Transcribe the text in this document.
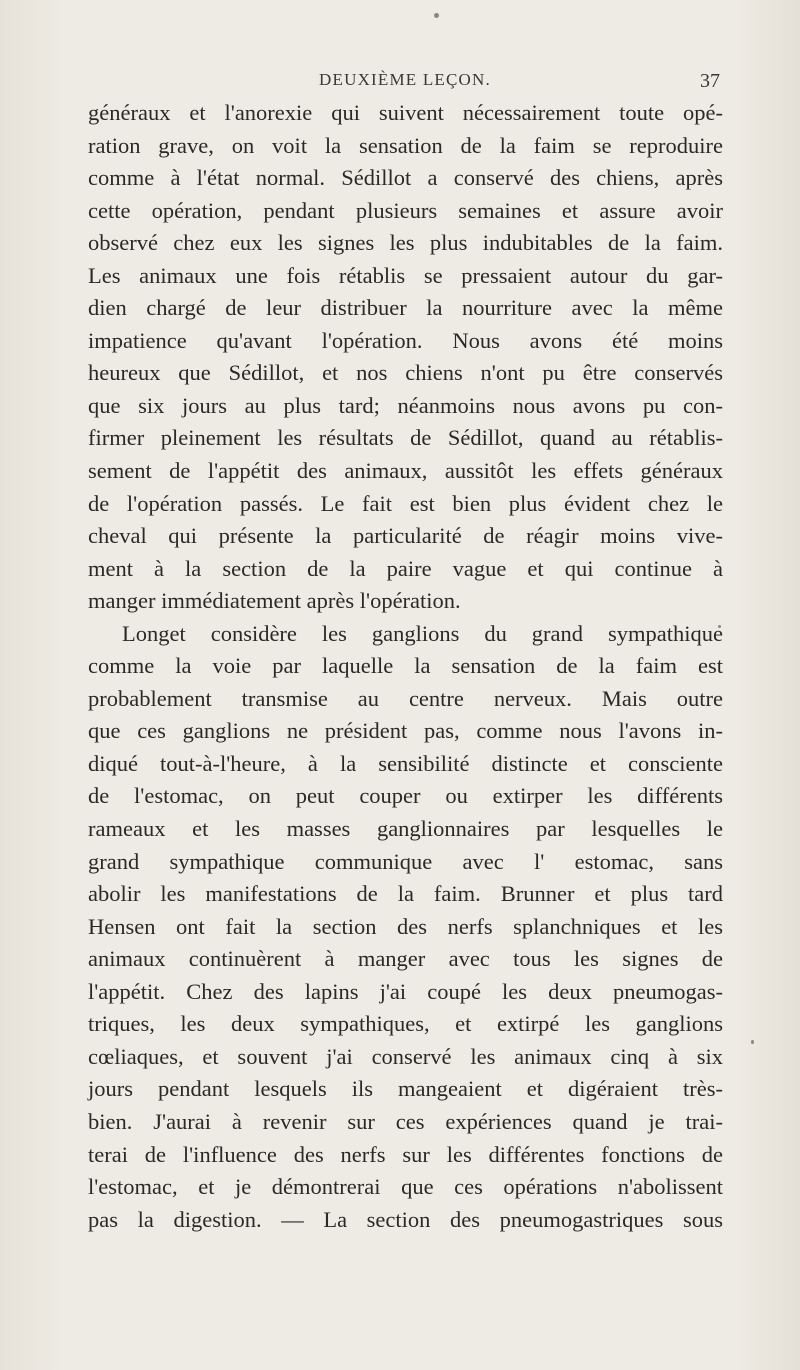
DEUXIÈME LEÇON.	37
généraux et l'anorexie qui suivent nécessairement toute opé-
ration grave, on voit la sensation de la faim se reproduire
comme à l'état normal. Sédillot a conservé des chiens, après
cette opération, pendant plusieurs semaines et assure avoir
observé chez eux les signes les plus indubitables de la faim.
Les animaux une fois rétablis se pressaient autour du gar-
dien chargé de leur distribuer la nourriture avec la même
impatience qu'avant l'opération. Nous avons été moins
heureux que Sédillot, et nos chiens n'ont pu être conservés
que six jours au plus tard; néanmoins nous avons pu con-
firmer pleinement les résultats de Sédillot, quand au rétablis-
sement de l'appétit des animaux, aussitôt les effets généraux
de l'opération passés. Le fait est bien plus évident chez le
cheval qui présente la particularité de réagir moins vive-
ment à la section de la paire vague et qui continue à
manger immédiatement après l'opération.
Longet considère les ganglions du grand sympathique
comme la voie par laquelle la sensation de la faim est
probablement transmise au centre nerveux. Mais outre
que ces ganglions ne président pas, comme nous l'avons in-
diqué tout-à-l'heure, à la sensibilité distincte et consciente
de l'estomac, on peut couper ou extirper les différents
rameaux et les masses ganglionnaires par lesquelles le
grand sympathique communique avec l' estomac, sans
abolir les manifestations de la faim. Brunner et plus tard
Hensen ont fait la section des nerfs splanchniques et les
animaux continuèrent à manger avec tous les signes de
l'appétit. Chez des lapins j'ai coupé les deux pneumogas-
triques, les deux sympathiques, et extirpé les ganglions
cœliaques, et souvent j'ai conservé les animaux cinq à six
jours pendant lesquels ils mangeaient et digéraient très-
bien. J'aurai à revenir sur ces expériences quand je trai-
terai de l'influence des nerfs sur les différentes fonctions de
l'estomac, et je démontrerai que ces opérations n'abolissent
pas la digestion. — La section des pneumogastriques sous
